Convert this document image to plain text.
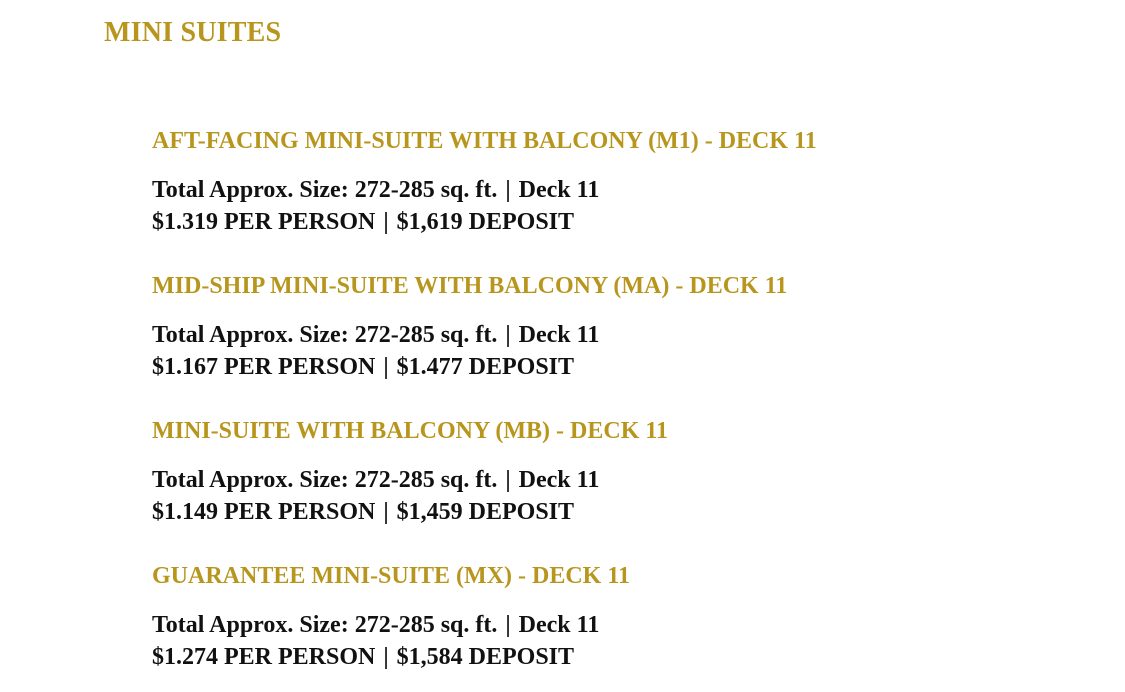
MINI SUITES
AFT-FACING MINI-SUITE WITH BALCONY (M1) - DECK 11

Total Approx. Size: 272-285 sq. ft. | Deck 11

$1.319 PER PERSON | $1,619 DEPOSIT

MID-SHIP MINI-SUITE WITH BALCONY (MA) - DECK 11

Total Approx. Size: 272-285 sq. ft. | Deck 11

$1.167 PER PERSON | $1.477 DEPOSIT

MINI-SUITE WITH BALCONY (MB) - DECK 11

Total Approx. Size: 272-285 sq. ft. | Deck 11

$1.149 PER PERSON | $1,459 DEPOSIT

GUARANTEE MINI-SUITE (MX) - DECK 11

Total Approx. Size: 272-285 sq. ft. | Deck 11

$1.274 PER PERSON | $1,584 DEPOSIT
